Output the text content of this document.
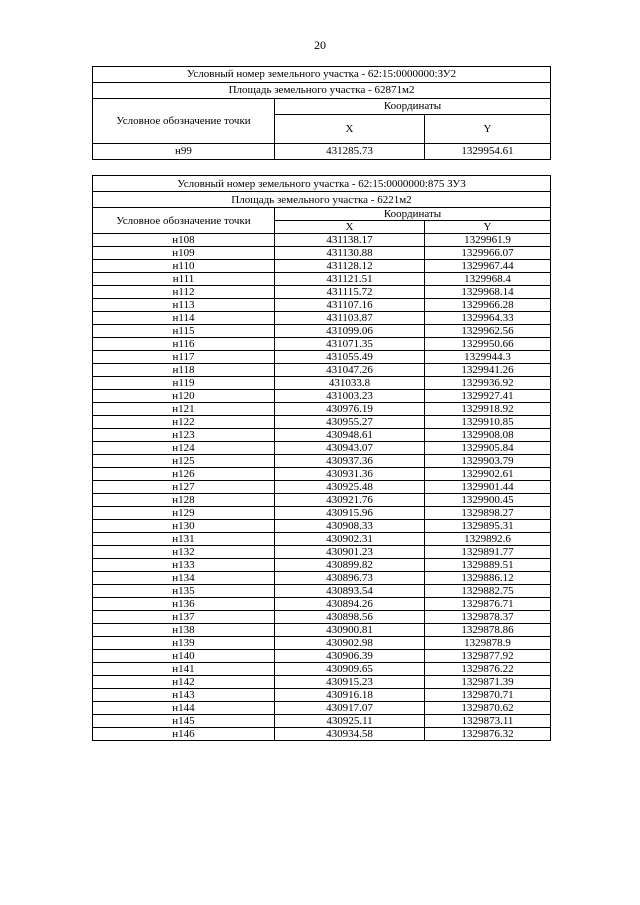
20
Условный номер земельного участка - 62:15:0000000:ЗУ2		
Площадь земельного участка - 62871м2		
Условное обозначение точки	Координаты	
	X	Y
н99	431285.73	1329954.61
Условный номер земельного участка - 62:15:0000000:875 ЗУ3		
Площадь земельного участка - 6221м2		
Условное обозначение точки	Координаты	
	X	Y
н108	431138.17	1329961.9
н109	431130.88	1329966.07
н110	431128.12	1329967.44
н111	431121.51	1329968.4
н112	431115.72	1329968.14
н113	431107.16	1329966.28
н114	431103.87	1329964.33
н115	431099.06	1329962.56
н116	431071.35	1329950.66
н117	431055.49	1329944.3
н118	431047.26	1329941.26
н119	431033.8	1329936.92
н120	431003.23	1329927.41
н121	430976.19	1329918.92
н122	430955.27	1329910.85
н123	430948.61	1329908.08
н124	430943.07	1329905.84
н125	430937.36	1329903.79
н126	430931.36	1329902.61
н127	430925.48	1329901.44
н128	430921.76	1329900.45
н129	430915.96	1329898.27
н130	430908.33	1329895.31
н131	430902.31	1329892.6
н132	430901.23	1329891.77
н133	430899.82	1329889.51
н134	430896.73	1329886.12
н135	430893.54	1329882.75
н136	430894.26	1329876.71
н137	430898.56	1329878.37
н138	430900.81	1329878.86
н139	430902.98	1329878.9
н140	430906.39	1329877.92
н141	430909.65	1329876.22
н142	430915.23	1329871.39
н143	430916.18	1329870.71
н144	430917.07	1329870.62
н145	430925.11	1329873.11
н146	430934.58	1329876.32
